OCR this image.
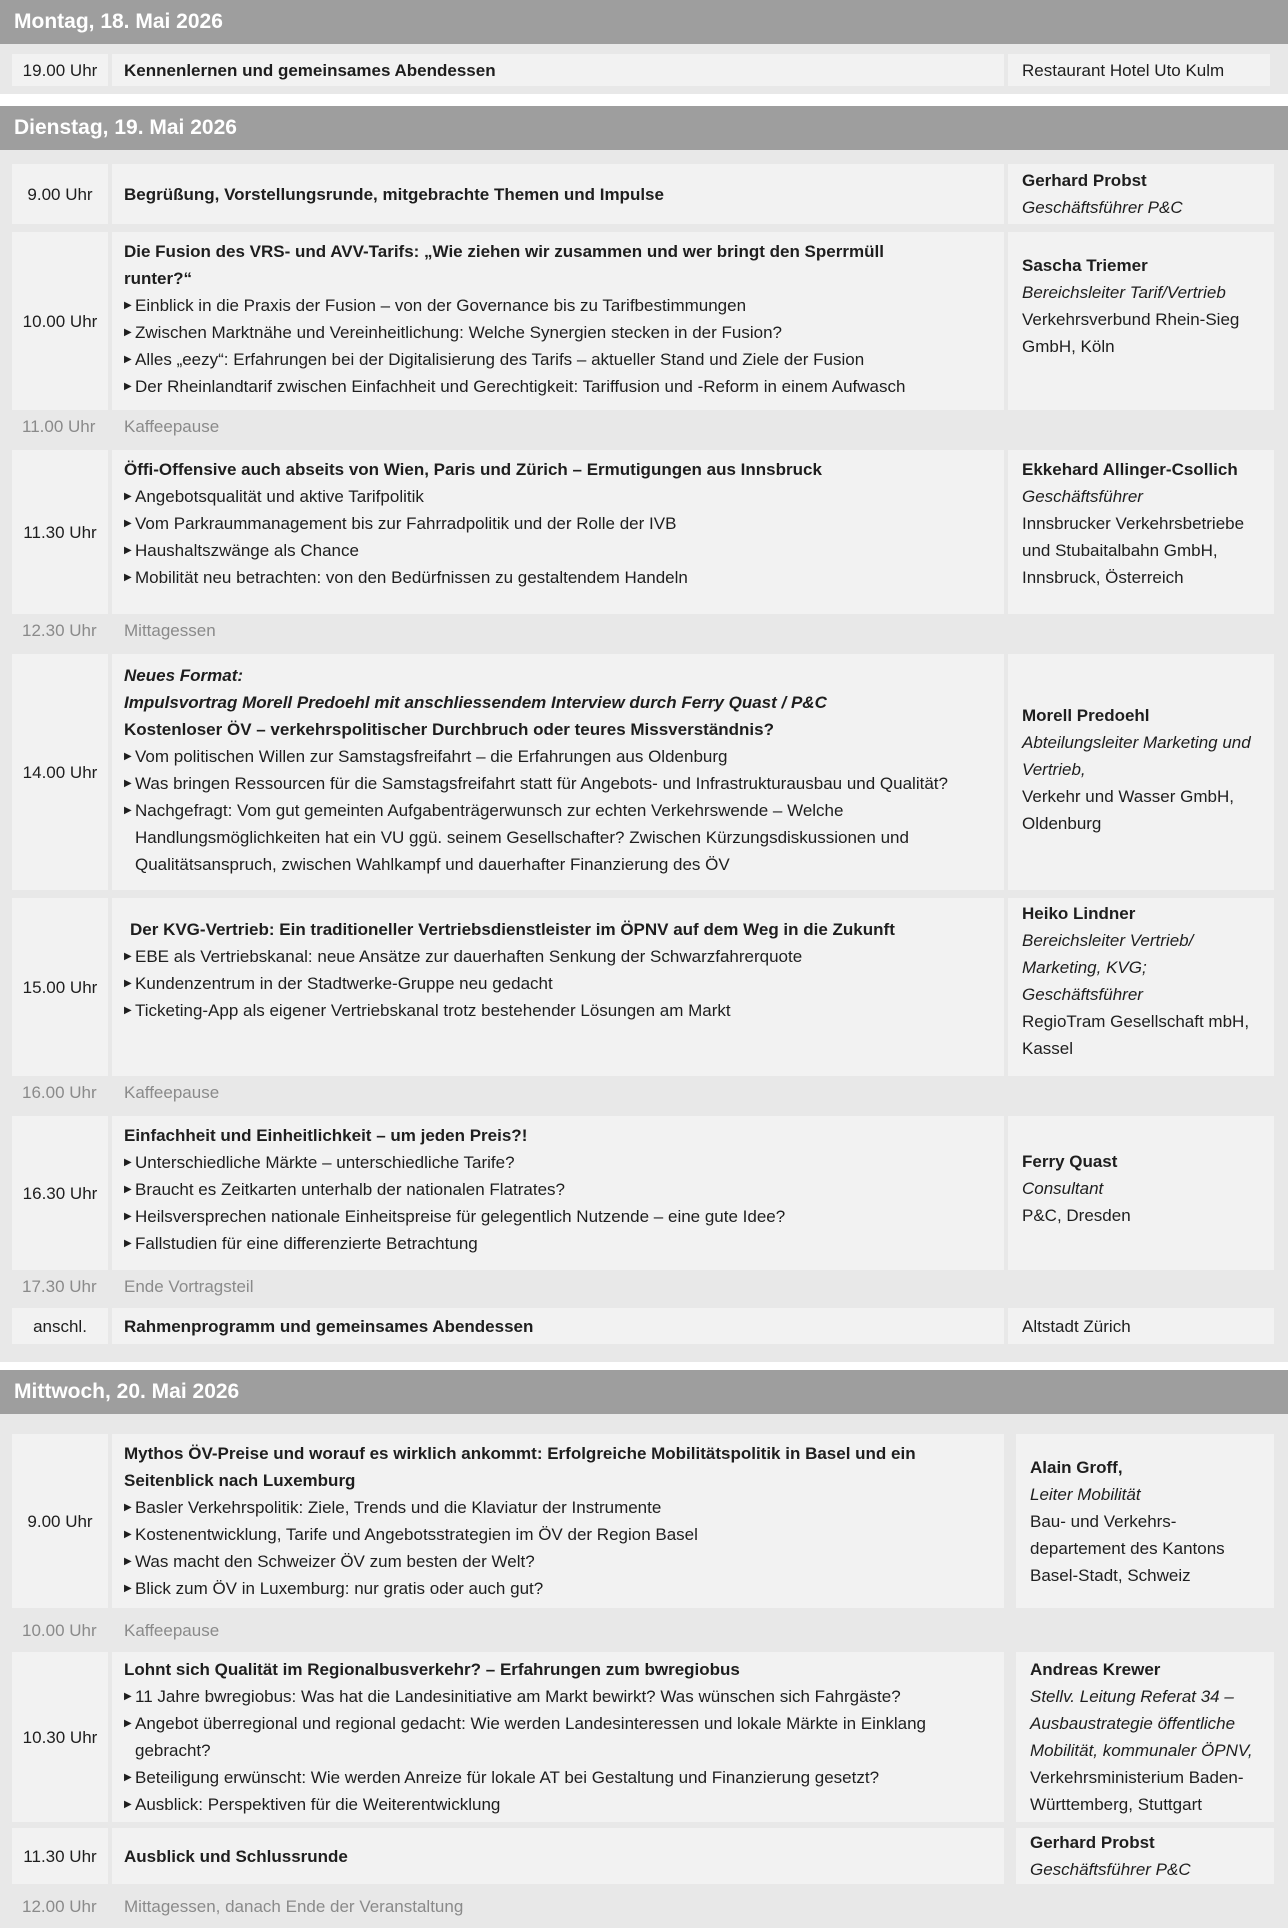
Montag, 18. Mai 2026
19.00 Uhr Kennenlernen und gemeinsames Abendessen	Restaurant Hotel Uto Kulm
Dienstag, 19. Mai 2026
9.00 Uhr Begrüßung, Vorstellungsrunde, mitgebrachte Themen und Impulse
Gerhard Probst
Geschäftsführer P&C
10.00 Uhr
Die Fusion des VRS- und AVV-Tarifs: „Wie ziehen wir zusammen und wer bringt den Sperrmüll
runter?“
▶ Einblick in die Praxis der Fusion – von der Governance bis zu Tarifbestimmungen
▶ Zwischen Marktnähe und Vereinheitlichung: Welche Synergien stecken in der Fusion?
▶ Alles „eezy“: Erfahrungen bei der Digitalisierung des Tarifs – aktueller Stand und Ziele der Fusion
▶ Der Rheinlandtarif zwischen Einfachheit und Gerechtigkeit: Tariffusion und -Reform in einem Aufwasch
Sascha Triemer
Bereichsleiter Tarif/Vertrieb
Verkehrsverbund Rhein-Sieg
GmbH, Köln
11.00 Uhr Kaffeepause
11.30 Uhr
Öffi-Offensive auch abseits von Wien, Paris und Zürich – Ermutigungen aus Innsbruck
▶ Angebotsqualität und aktive Tarifpolitik
▶ Vom Parkraummanagement bis zur Fahrradpolitik und der Rolle der IVB
▶ Haushaltszwänge als Chance
▶ Mobilität neu betrachten: von den Bedürfnissen zu gestaltendem Handeln
Ekkehard Allinger-Csollich
Geschäftsführer
Innsbrucker Verkehrsbetriebe
und Stubaitalbahn GmbH,
Innsbruck, Österreich
12.30 Uhr Mittagessen
14.00 Uhr
Neues Format:
Impulsvortrag Morell Predoehl mit anschliessendem Interview durch Ferry Quast / P&C
Kostenloser ÖV – verkehrspolitischer Durchbruch oder teures Missverständnis?
▶ Vom politischen Willen zur Samstagsfreifahrt – die Erfahrungen aus Oldenburg
▶ Was bringen Ressourcen für die Samstagsfreifahrt statt für Angebots- und Infrastrukturausbau und Qualität?
▶ Nachgefragt: Vom gut gemeinten Aufgabenträgerwunsch zur echten Verkehrswende – Welche
Handlungsmöglichkeiten hat ein VU ggü. seinem Gesellschafter? Zwischen Kürzungsdiskussionen und
Qualitätsanspruch, zwischen Wahlkampf und dauerhafter Finanzierung des ÖV
Morell Predoehl
Abteilungsleiter Marketing und
Vertrieb,
Verkehr und Wasser GmbH,
Oldenburg
15.00 Uhr
Der KVG-Vertrieb: Ein traditioneller Vertriebsdienstleister im ÖPNV auf dem Weg in die Zukunft
▶ EBE als Vertriebskanal: neue Ansätze zur dauerhaften Senkung der Schwarzfahrerquote
▶ Kundenzentrum in der Stadtwerke-Gruppe neu gedacht
▶ Ticketing-App als eigener Vertriebskanal trotz bestehender Lösungen am Markt
Heiko Lindner
Bereichsleiter Vertrieb/
Marketing, KVG;
Geschäftsführer
RegioTram Gesellschaft mbH,
Kassel
16.00 Uhr Kaffeepause
16.30 Uhr
Einfachheit und Einheitlichkeit – um jeden Preis?!
▶ Unterschiedliche Märkte – unterschiedliche Tarife?
▶ Braucht es Zeitkarten unterhalb der nationalen Flatrates?
▶ Heilsversprechen nationale Einheitspreise für gelegentlich Nutzende – eine gute Idee?
▶ Fallstudien für eine differenzierte Betrachtung
Ferry Quast
Consultant
P&C, Dresden
17.30 Uhr Ende Vortragsteil
anschl. Rahmenprogramm und gemeinsames Abendessen	Altstadt Zürich
Mittwoch, 20. Mai 2026
9.00 Uhr
Mythos ÖV-Preise und worauf es wirklich ankommt: Erfolgreiche Mobilitätspolitik in Basel und ein
Seitenblick nach Luxemburg
▶ Basler Verkehrspolitik: Ziele, Trends und die Klaviatur der Instrumente
▶ Kostenentwicklung, Tarife und Angebotsstrategien im ÖV der Region Basel
▶ Was macht den Schweizer ÖV zum besten der Welt?
▶ Blick zum ÖV in Luxemburg: nur gratis oder auch gut?
Alain Groff,
Leiter Mobilität
Bau- und Verkehrs-
departement des Kantons
Basel-Stadt, Schweiz
10.00 Uhr Kaffeepause
10.30 Uhr
Lohnt sich Qualität im Regionalbusverkehr? – Erfahrungen zum bwregiobus
▶ 11 Jahre bwregiobus: Was hat die Landesinitiative am Markt bewirkt? Was wünschen sich Fahrgäste?
▶ Angebot überregional und regional gedacht: Wie werden Landesinteressen und lokale Märkte in Einklang
gebracht?
▶ Beteiligung erwünscht: Wie werden Anreize für lokale AT bei Gestaltung und Finanzierung gesetzt?
▶ Ausblick: Perspektiven für die Weiterentwicklung
Andreas Krewer
Stellv. Leitung Referat 34 –
Ausbaustrategie öffentliche
Mobilität, kommunaler ÖPNV,
Verkehrsministerium Baden-
Württemberg, Stuttgart
11.30 Uhr Ausblick und Schlussrunde
Gerhard Probst
Geschäftsführer P&C
12.00 Uhr Mittagessen, danach Ende der Veranstaltung
